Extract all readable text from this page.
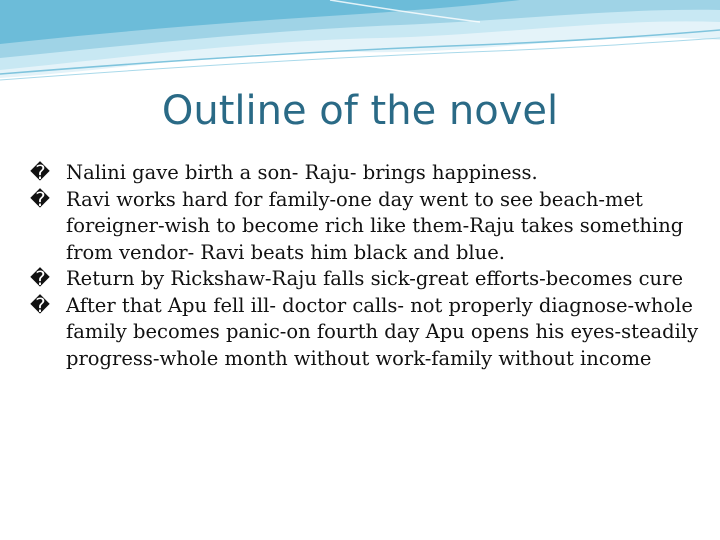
Outline of the novel
� Nalini gave birth a son- Raju- brings happiness.
� Ravi works hard for family-one day went to see beach-met foreigner-wish to become rich like them-Raju takes something from vendor- Ravi beats him black and blue.
� Return by Rickshaw-Raju falls sick-great efforts-becomes cure
� After that Apu fell ill- doctor calls- not properly diagnose-whole family becomes panic-on fourth day Apu opens his eyes-steadily progress-whole month without work-family without income
